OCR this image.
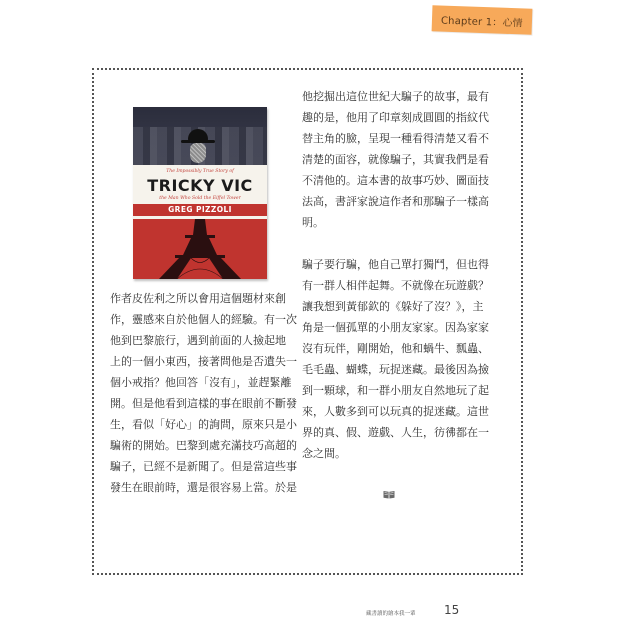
Chapter 1：心情
The Impossibly True Story of
TRICKY VIC
the Man Who Sold the Eiffel Tower
GREG PIZZOLI

作者皮佐利之所以會用這個題材來創
作，靈感來自於他個人的經驗。有一次
他到巴黎旅行，遇到前面的人撿起地
上的一個小東西，接著問他是否遺失一
個小戒指？他回答「沒有」，並趕緊離
開。但是他看到這樣的事在眼前不斷發
生，看似「好心」的詢問，原來只是小
騙術的開始。巴黎到處充滿技巧高超的
騙子，已經不是新聞了。但是當這些事
發生在眼前時，還是很容易上當。於是

他挖掘出這位世紀大騙子的故事，最有
趣的是，他用了印章刻成圓圓的指紋代
替主角的臉，呈現一種看得清楚又看不
清楚的面容，就像騙子，其實我們是看
不清他的。這本書的故事巧妙、圖面技
法高，書評家說這作者和那騙子一樣高
明。

騙子要行騙，他自己單打獨鬥，但也得
有一群人相伴起舞。不就像在玩遊戲？
讓我想到黃郁欽的《躲好了沒？》，主
角是一個孤單的小朋友家家。因為家家
沒有玩伴，剛開始，他和蝸牛、瓢蟲、
毛毛蟲、蝴蝶，玩捉迷藏。最後因為撿
到一顆球，和一群小朋友自然地玩了起
來，人數多到可以玩真的捉迷藏。這世
界的真、假、遊戲、人生，彷彿都在一
念之間。

藏書讀的繪本我一輩 15
